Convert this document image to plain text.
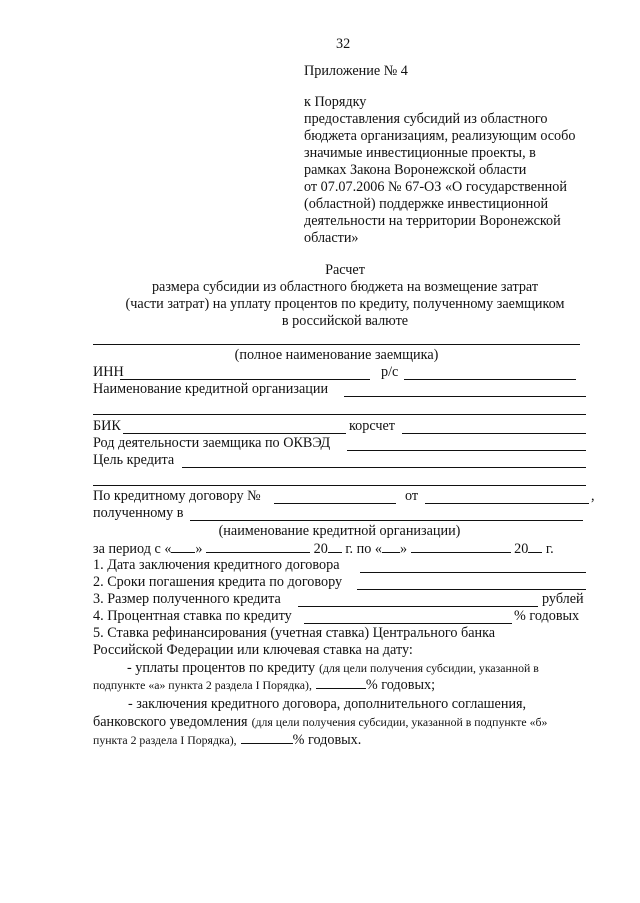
32
Приложение № 4
к Порядку
предоставления субсидий из областного
бюджета организациям, реализующим особо
значимые инвестиционные проекты, в
рамках Закона Воронежской области
от 07.07.2006 № 67-ОЗ «О государственной
(областной) поддержке инвестиционной
деятельности на территории Воронежской
области»
Расчет
размера субсидии из областного бюджета на возмещение затрат
(части затрат) на уплату процентов по кредиту, полученному заемщиком
в российской валюте
(полное наименование заемщика)
ИНН	р/с
Наименование кредитной организации
БИК	корсчет
Род деятельности заемщика по ОКВЭД
Цель кредита
По кредитному договору №	от	,
полученному в
(наименование кредитной организации)
за период с « »	20 г. по « »	20 г.
1. Дата заключения кредитного договора
2. Сроки погашения кредита по договору
3. Размер полученного кредита	рублей
4. Процентная ставка по кредиту	% годовых
5. Ставка рефинансирования (учетная ставка) Центрального банка
Российской Федерации или ключевая ставка на дату:
- уплаты процентов по кредиту (для цели получения субсидии, указанной в
подпункте «а» пункта 2 раздела I Порядка),	% годовых;
- заключения кредитного договора, дополнительного соглашения,
банковского уведомления (для цели получения субсидии, указанной в подпункте «б»
пункта 2 раздела I Порядка),	% годовых.
